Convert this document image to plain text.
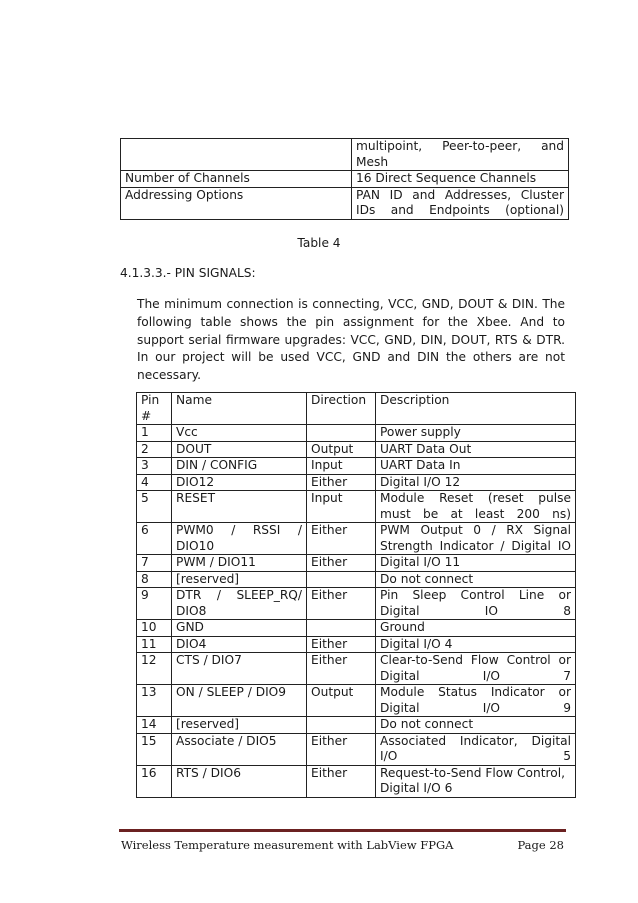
	multipoint, Peer-to-peer, and Mesh
Number of Channels	16 Direct Sequence Channels
Addressing Options	PAN ID and Addresses, Cluster IDs and Endpoints (optional)
Table 4
4.1.3.3.- PIN SIGNALS:

The minimum connection is connecting, VCC, GND, DOUT & DIN. The following table shows the pin assignment for the Xbee. And to support serial firmware upgrades: VCC, GND, DIN, DOUT, RTS & DTR. In our project will be used VCC, GND and DIN the others are not necessary.

Pin #	Name	Direction	Description
1	Vcc		Power supply
2	DOUT	Output	UART Data Out
3	DIN / CONFIG	Input	UART Data In
4	DIO12	Either	Digital I/O 12
5	RESET	Input	Module Reset (reset pulse must be at least 200 ns)
6	PWM0 / RSSI / DIO10	Either	PWM Output 0 / RX Signal Strength Indicator / Digital IO
7	PWM / DIO11	Either	Digital I/O 11
8	[reserved]		Do not connect
9	DTR / SLEEP_RQ/ DIO8	Either	Pin Sleep Control Line or Digital IO 8
10	GND		Ground
11	DIO4	Either	Digital I/O 4
12	CTS / DIO7	Either	Clear-to-Send Flow Control or Digital I/O 7
13	ON / SLEEP / DIO9	Output	Module Status Indicator or Digital I/O 9
14	[reserved]		Do not connect
15	Associate / DIO5	Either	Associated Indicator, Digital I/O 5
16	RTS / DIO6	Either	Request-to-Send Flow Control, Digital I/O 6
Wireless Temperature measurement with LabView FPGA	Page 28
